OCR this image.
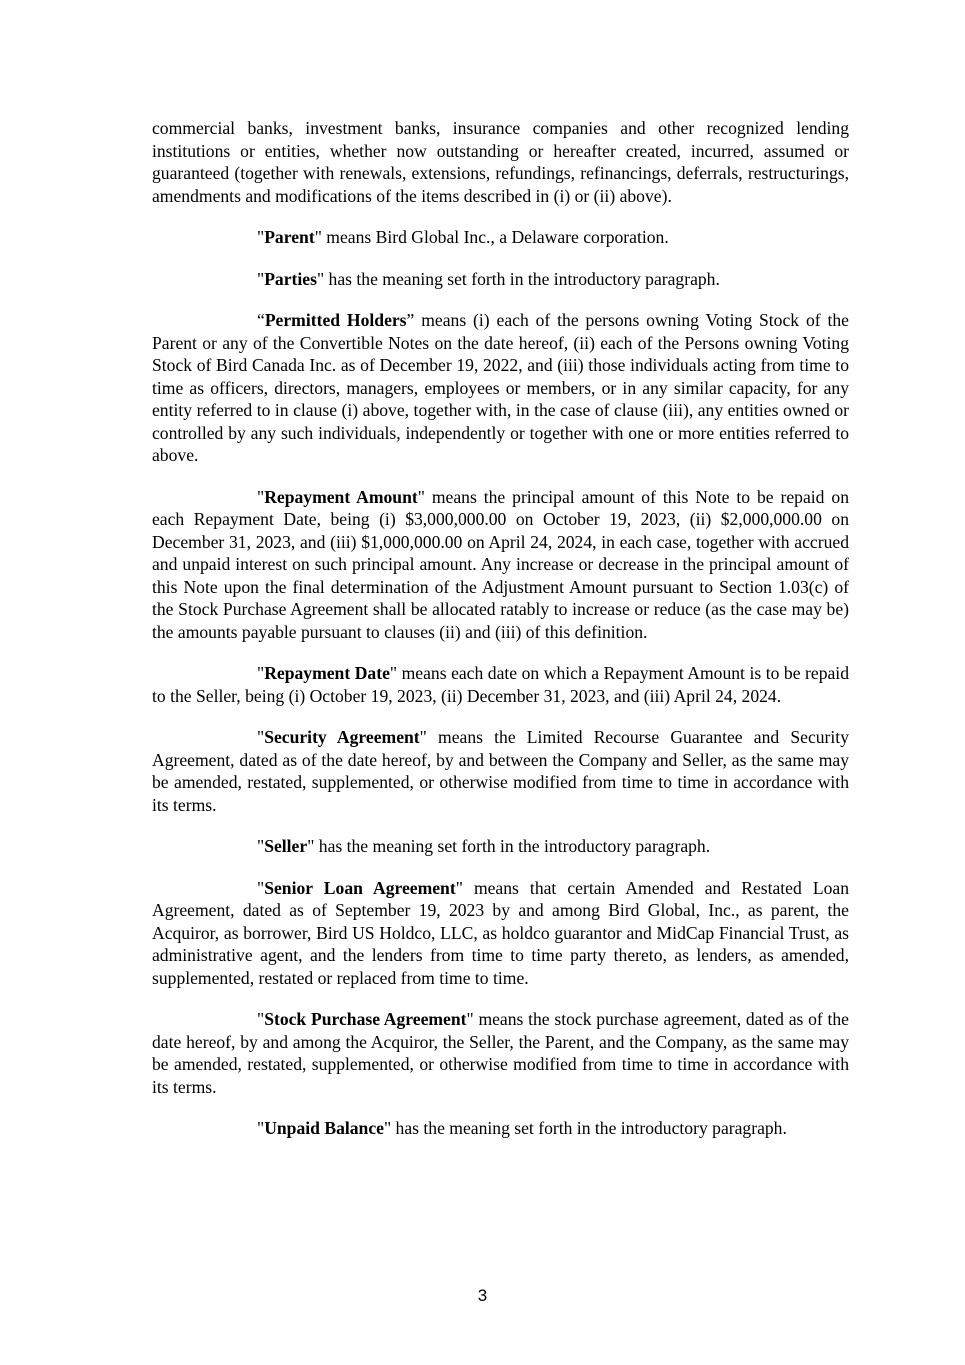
commercial banks, investment banks, insurance companies and other recognized lending institutions or entities, whether now outstanding or hereafter created, incurred, assumed or guaranteed (together with renewals, extensions, refundings, refinancings, deferrals, restructurings, amendments and modifications of the items described in (i) or (ii) above).

"Parent" means Bird Global Inc., a Delaware corporation.

"Parties" has the meaning set forth in the introductory paragraph.

“Permitted Holders” means (i) each of the persons owning Voting Stock of the Parent or any of the Convertible Notes on the date hereof, (ii) each of the Persons owning Voting Stock of Bird Canada Inc. as of December 19, 2022, and (iii) those individuals acting from time to time as officers, directors, managers, employees or members, or in any similar capacity, for any entity referred to in clause (i) above, together with, in the case of clause (iii), any entities owned or controlled by any such individuals, independently or together with one or more entities referred to above.

"Repayment Amount" means the principal amount of this Note to be repaid on each Repayment Date, being (i) $3,000,000.00 on October 19, 2023, (ii) $2,000,000.00 on December 31, 2023, and (iii) $1,000,000.00 on April 24, 2024, in each case, together with accrued and unpaid interest on such principal amount. Any increase or decrease in the principal amount of this Note upon the final determination of the Adjustment Amount pursuant to Section 1.03(c) of the Stock Purchase Agreement shall be allocated ratably to increase or reduce (as the case may be) the amounts payable pursuant to clauses (ii) and (iii) of this definition.

"Repayment Date" means each date on which a Repayment Amount is to be repaid to the Seller, being (i) October 19, 2023, (ii) December 31, 2023, and (iii) April 24, 2024.

"Security Agreement" means the Limited Recourse Guarantee and Security Agreement, dated as of the date hereof, by and between the Company and Seller, as the same may be amended, restated, supplemented, or otherwise modified from time to time in accordance with its terms.

"Seller" has the meaning set forth in the introductory paragraph.

"Senior Loan Agreement" means that certain Amended and Restated Loan Agreement, dated as of September 19, 2023 by and among Bird Global, Inc., as parent, the Acquiror, as borrower, Bird US Holdco, LLC, as holdco guarantor and MidCap Financial Trust, as administrative agent, and the lenders from time to time party thereto, as lenders, as amended, supplemented, restated or replaced from time to time.

"Stock Purchase Agreement" means the stock purchase agreement, dated as of the date hereof, by and among the Acquiror, the Seller, the Parent, and the Company, as the same may be amended, restated, supplemented, or otherwise modified from time to time in accordance with its terms.

"Unpaid Balance" has the meaning set forth in the introductory paragraph.

3
